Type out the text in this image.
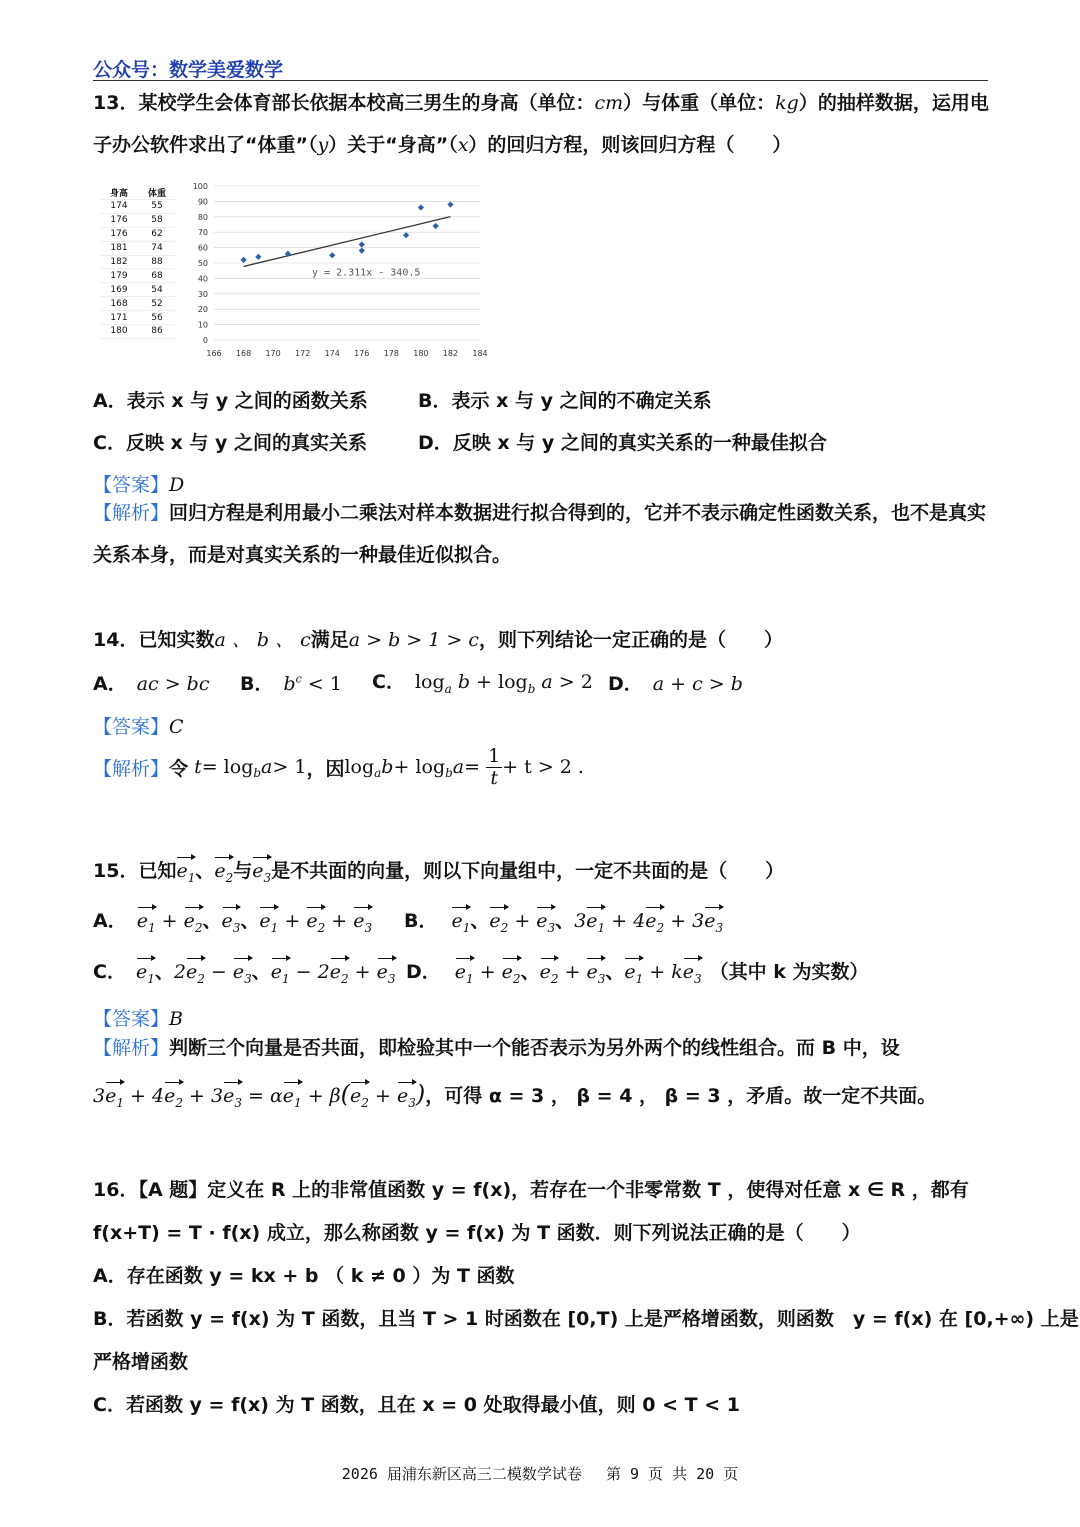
公众号：数学美爱数学
13．某校学生会体育部长依据本校高三男生的身高（单位：cm）与体重（单位：kg）的抽样数据，运用电
子办公软件求出了“体重”（y）关于“身高”（x）的回归方程，则该回归方程（　　）
身高	体重
174	55
176	58
176	62
181	74
182	88
179	68
169	54
168	52
171	56
180	86
0
10
20
30
40
50
60
70
80
90
100
166 168 170 172 174 176 178 180 182 184
y = 2.311x - 340.5
A．表示 x 与 y 之间的函数关系	B．表示 x 与 y 之间的不确定关系
C．反映 x 与 y 之间的真实关系	D．反映 x 与 y 之间的真实关系的一种最佳拟合
【答案】D
【解析】回归方程是利用最小二乘法对样本数据进行拟合得到的，它并不表示确定性函数关系，也不是真实
关系本身，而是对真实关系的一种最佳近似拟合。
14．已知实数a 、 b 、 c满足a > b > 1 > c，则下列结论一定正确的是（　　）
A． ac > bc B． $b^c < 1$ C． $\log_a b + \log_b a > 2$ D． a + c > b
【答案】C
【解析】 令 $t = \log_b a > 1$ ，因 $\log_a b + \log_b a = \frac{1}{t} + t > 2$ .
15．已知$e_1$、$e_2$与$e_3$是不共面的向量，则以下向量组中，一定不共面的是（　　）
A． $e_1 + e_2$、$e_3$、$e_1 + e_2 + e_3$ B． $e_1$、$e_2 + e_3$、$3e_1 + 4e_2 + 3e_3$
C． $e_1$、$2e_2 - e_3$、$e_1 - 2e_2 + e_3$ D． $e_1 + e_2$、$e_2 + e_3$、$e_1 + ke_3$ （其中 k 为实数）
【答案】B
【解析】判断三个向量是否共面，即检验其中一个能否表示为另外两个的线性组合。而 B 中，设
$3e_1 + 4e_2 + 3e_3 = \alpha e_1 + \beta(e_2 + e_3)$，可得 α = 3 ， β = 4 ， β = 3 ，矛盾。故一定不共面。
16．【A 题】定义在 R 上的非常值函数 y = f(x)，若存在一个非零常数 T ，使得对任意 x ∈ R ，都有
f(x+T) = T · f(x) 成立，那么称函数 y = f(x) 为 T 函数．则下列说法正确的是（　　）
A．存在函数 y = kx + b （ k ≠ 0 ）为 T 函数
B．若函数 y = f(x) 为 T 函数，且当 T > 1 时函数在 [0,T) 上是严格增函数，则函数　y = f(x) 在 [0,+∞) 上是
严格增函数
C．若函数 y = f(x) 为 T 函数，且在 x = 0 处取得最小值，则 0 < T < 1
2026 届浦东新区高三二模数学试卷　 第 9 页 共 20 页
